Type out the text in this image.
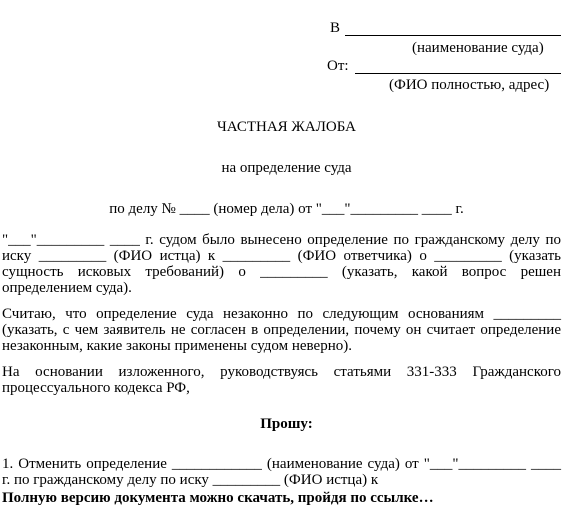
В
(наименование суда)
От:
(ФИО полностью, адрес)
ЧАСТНАЯ ЖАЛОБА
на определение суда
по делу № ____ (номер дела) от "___"_________ ____ г.
"___"_________ ____ г. судом было вынесено определение по гражданскому делу по иску _________ (ФИО истца) к _________ (ФИО ответчика) о _________ (указать сущность исковых требований) о _________ (указать, какой вопрос решен определением суда).
Считаю, что определение суда незаконно по следующим основаниям _________ (указать, с чем заявитель не согласен в определении, почему он считает определение незаконным, какие законы применены судом неверно).
На основании изложенного, руководствуясь статьями 331-333 Гражданского процессуального кодекса РФ,
Прошу:
1. Отменить определение ____________ (наименование суда) от "___"_________ ____ г. по гражданскому делу по иску _________ (ФИО истца) к
Полную версию документа можно скачать, пройдя по ссылке…
